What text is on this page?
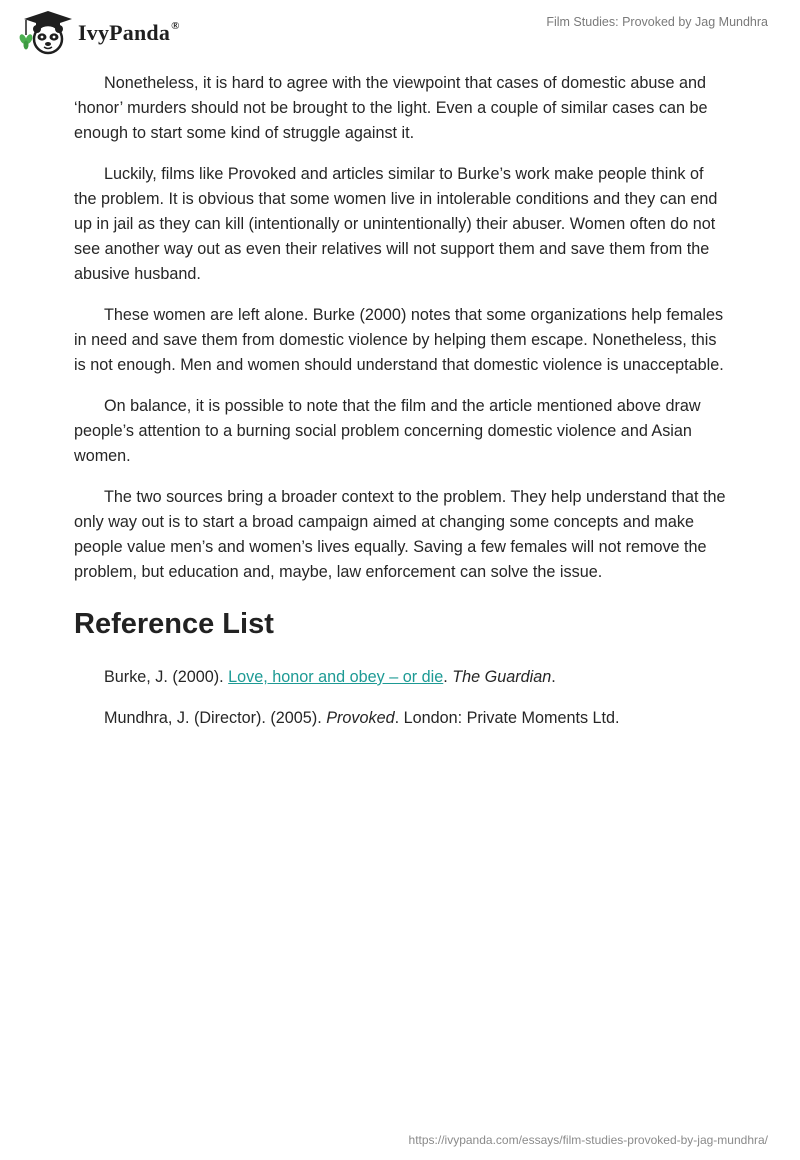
IvyPanda®	Film Studies: Provoked by Jag Mundhra

Nonetheless, it is hard to agree with the viewpoint that cases of domestic abuse and ‘honor’ murders should not be brought to the light. Even a couple of similar cases can be enough to start some kind of struggle against it.

Luckily, films like Provoked and articles similar to Burke’s work make people think of the problem. It is obvious that some women live in intolerable conditions and they can end up in jail as they can kill (intentionally or unintentionally) their abuser. Women often do not see another way out as even their relatives will not support them and save them from the abusive husband.

These women are left alone. Burke (2000) notes that some organizations help females in need and save them from domestic violence by helping them escape. Nonetheless, this is not enough. Men and women should understand that domestic violence is unacceptable.

On balance, it is possible to note that the film and the article mentioned above draw people’s attention to a burning social problem concerning domestic violence and Asian women.

The two sources bring a broader context to the problem. They help understand that the only way out is to start a broad campaign aimed at changing some concepts and make people value men’s and women’s lives equally. Saving a few females will not remove the problem, but education and, maybe, law enforcement can solve the issue.

Reference List

Burke, J. (2000). Love, honor and obey – or die. The Guardian.

Mundhra, J. (Director). (2005). Provoked. London: Private Moments Ltd.

https://ivypanda.com/essays/film-studies-provoked-by-jag-mundhra/
